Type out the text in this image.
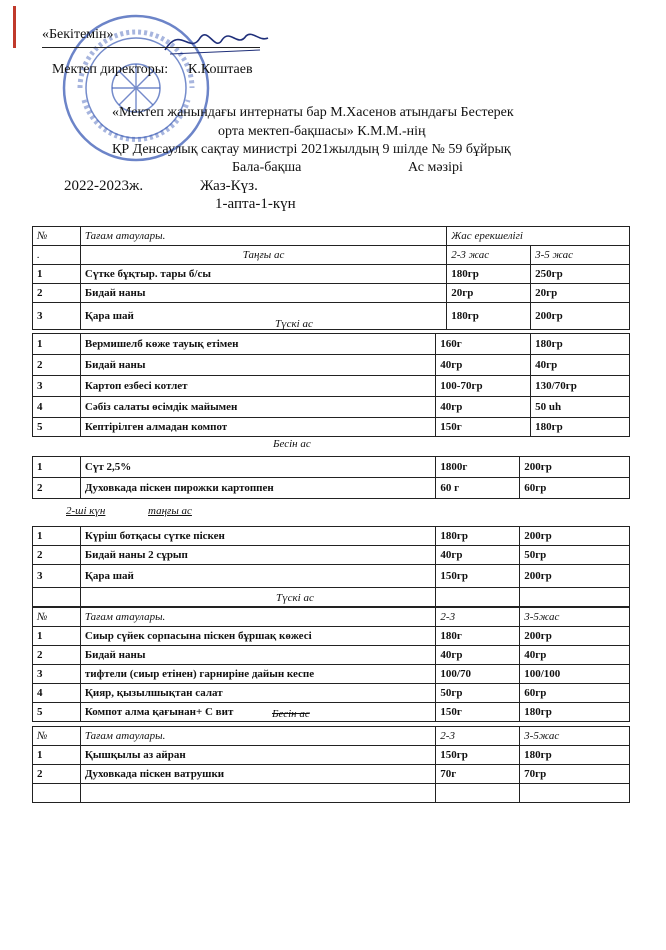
«Бекітемін»
Мектеп директоры: К.Коштаев
«Мектеп жанындағы интернаты бар М.Хасенов атындағы Бестерек
орта мектеп-бақшасы» К.М.М.-нің
ҚР Денсаулық сақтау министрі 2021жылдың 9 шілде № 59 бұйрық
Бала-бақша	Ас мәзірі
2022-2023ж.	Жаз-Күз.
1-апта-1-күн
№	Тағам атаулары.	Жас ерекшелігі	
.	Таңғы ас	2-3 жас	3-5 жас
1	Сүтке бұқтыр. тары б/сы	180гр	250гр
2	Бидай наны	20гр	20гр
3	Қара шай	180гр	200гр
Түскі ас
1	Вермишелб көже тауық етімен	160г	180гр
2	Бидай наны	40гр	40гр
3	Картоп езбесі котлет	100-70гр	130/70гр
4	Сәбіз салаты өсімдік майымен	40гр	50 uh
5	Кептірілген алмадан компот	150г	180гр
Бесін ас
1	Сүт 2,5%	1800г	200гр
2	Духовкада піскен пирожки картоппен	60 г	60гр
2-ші күн	таңғы ас
1	Күріш ботқасы сүтке піскен	180гр	200гр
2	Бидай наны 2 сұрып	40гр	50гр
3	Қара шай	150гр	200гр

Түскі ас
№	Тағам атаулары.	2-3	3-5жас
1	Сиыр сүйек сорпасына піскен бұршақ көжесі	180г	200гр
2	Бидай наны	40гр	40гр
3	тифтели (сиыр етінен) гарниріне дайын кеспе	100/70	100/100
4	Қияр, қызылшықтан салат	50гр	60гр
5	Компот алма қағынан+ С вит	150г	180гр
Бесін ас
№	Тағам атаулары.	2-3	3-5жас
1	Қышқылы аз айран	150гр	180гр
2	Духовкада піскен ватрушки	70г	70гр
